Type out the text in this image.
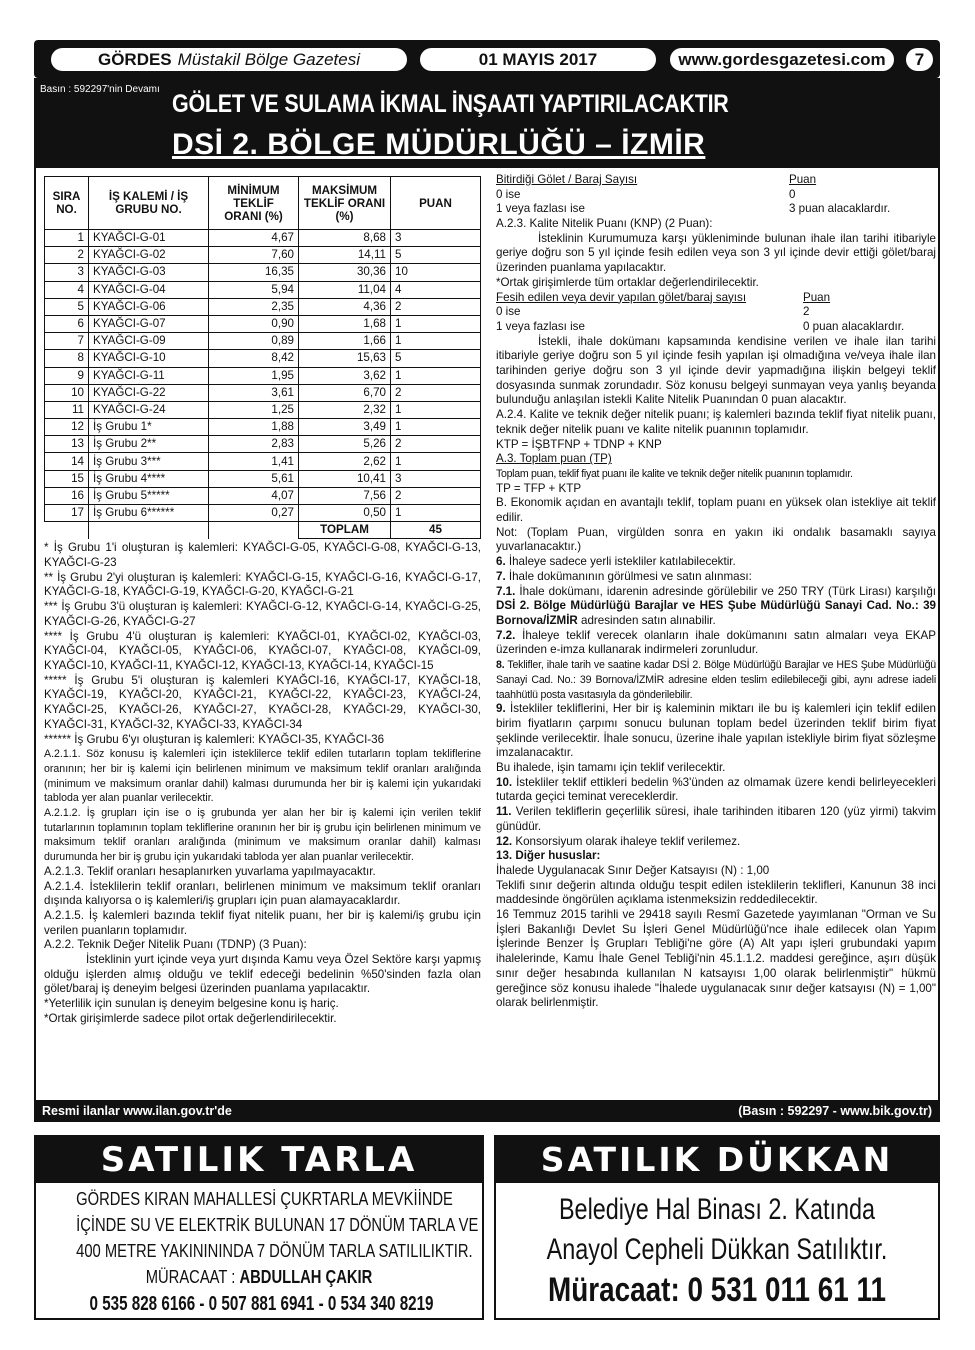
GÖRDES Müstakil Bölge Gazetesi	01 MAYIS 2017	www.gordesgazetesi.com	7
Basın : 592297'nin Devamı
GÖLET VE SULAMA İKMAL İNŞAATI YAPTIRILACAKTIR
DSİ 2. BÖLGE MÜDÜRLÜĞÜ – İZMİR
SIRA NO.	İŞ KALEMİ / İŞ GRUBU NO.	MİNİMUM TEKLİF ORANI (%)	MAKSİMUM TEKLİF ORANI (%)	PUAN
1	KYAĞCI-G-01	4,67	8,68	3
2	KYAĞCI-G-02	7,60	14,11	5
3	KYAĞCI-G-03	16,35	30,36	10
4	KYAĞCI-G-04	5,94	11,04	4
5	KYAĞCI-G-06	2,35	4,36	2
6	KYAĞCI-G-07	0,90	1,68	1
7	KYAĞCI-G-09	0,89	1,66	1
8	KYAĞCI-G-10	8,42	15,63	5
9	KYAĞCI-G-11	1,95	3,62	1
10	KYAĞCI-G-22	3,61	6,70	2
11	KYAĞCI-G-24	1,25	2,32	1
12	İş Grubu 1*	1,88	3,49	1
13	İş Grubu 2**	2,83	5,26	2
14	İş Grubu 3***	1,41	2,62	1
15	İş Grubu 4****	5,61	10,41	3
16	İş Grubu 5*****	4,07	7,56	2
17	İş Grubu 6******	0,27	0,50	1
			TOPLAM	45
* İş Grubu 1'i oluşturan iş kalemleri: KYAĞCI-G-05, KYAĞCI-G-08, KYAĞCI-G-13, KYAĞCI-G-23
** İş Grubu 2'yi oluşturan iş kalemleri: KYAĞCI-G-15, KYAĞCI-G-16, KYAĞCI-G-17, KYAĞCI-G-18, KYAĞCI-G-19, KYAĞCI-G-20, KYAĞCI-G-21
*** İş Grubu 3'ü oluşturan iş kalemleri: KYAĞCI-G-12, KYAĞCI-G-14, KYAĞCI-G-25, KYAĞCI-G-26, KYAĞCI-G-27
**** İş Grubu 4'ü oluşturan iş kalemleri: KYAĞCI-01, KYAĞCI-02, KYAĞCI-03, KYAĞCI-04, KYAĞCI-05, KYAĞCI-06, KYAĞCI-07, KYAĞCI-08, KYAĞCI-09, KYAĞCI-10, KYAĞCI-11, KYAĞCI-12, KYAĞCI-13, KYAĞCI-14, KYAĞCI-15
***** İş Grubu 5'i oluşturan iş kalemleri KYAĞCI-16, KYAĞCI-17, KYAĞCI-18, KYAĞCI-19, KYAĞCI-20, KYAĞCI-21, KYAĞCI-22, KYAĞCI-23, KYAĞCI-24, KYAĞCI-25, KYAĞCI-26, KYAĞCI-27, KYAĞCI-28, KYAĞCI-29, KYAĞCI-30, KYAĞCI-31, KYAĞCI-32, KYAĞCI-33, KYAĞCI-34
****** İş Grubu 6'yı oluşturan iş kalemleri: KYAĞCI-35, KYAĞCI-36
A.2.1.1. Söz konusu iş kalemleri için isteklilerce teklif edilen tutarların toplam tekliflerine oranının; her bir iş kalemi için belirlenen minimum ve maksimum teklif oranları aralığında (minimum ve maksimum oranlar dahil) kalması durumunda her bir iş kalemi için yukarıdaki tabloda yer alan puanlar verilecektir.
A.2.1.2. İş grupları için ise o iş grubunda yer alan her bir iş kalemi için verilen teklif tutarlarının toplamının toplam tekliflerine oranının her bir iş grubu için belirlenen minimum ve maksimum teklif oranları aralığında (minimum ve maksimum oranlar dahil) kalması durumunda her bir iş grubu için yukarıdaki tabloda yer alan puanlar verilecektir.
A.2.1.3. Teklif oranları hesaplanırken yuvarlama yapılmayacaktır.
A.2.1.4. İsteklilerin teklif oranları, belirlenen minimum ve maksimum teklif oranları dışında kalıyorsa o iş kalemleri/iş grupları için puan alamayacaklardır.
A.2.1.5. İş kalemleri bazında teklif fiyat nitelik puanı, her bir iş kalemi/iş grubu için verilen puanların toplamıdır.
A.2.2. Teknik Değer Nitelik Puanı (TDNP) (3 Puan):
İsteklinin yurt içinde veya yurt dışında Kamu veya Özel Sektöre karşı yapmış olduğu işlerden almış olduğu ve teklif edeceği bedelinin %50'sinden fazla olan gölet/baraj iş deneyim belgesi üzerinden puanlama yapılacaktır.
*Yeterlilik için sunulan iş deneyim belgesine konu iş hariç.
*Ortak girişimlerde sadece pilot ortak değerlendirilecektir.
Bitirdiği Gölet / Baraj Sayısı	Puan
0 ise	0
1 veya fazlası ise	3 puan alacaklardır.
A.2.3. Kalite Nitelik Puanı (KNP) (2 Puan):
İsteklinin Kurumumuza karşı yükleniminde bulunan ihale ilan tarihi itibariyle geriye doğru son 5 yıl içinde fesih edilen veya son 3 yıl içinde devir ettiği gölet/baraj üzerinden puanlama yapılacaktır.
*Ortak girişimlerde tüm ortaklar değerlendirilecektir.
Fesih edilen veya devir yapılan gölet/baraj sayısı	Puan
0 ise	2
1 veya fazlası ise	0 puan alacaklardır.
İstekli, ihale dokümanı kapsamında kendisine verilen ve ihale ilan tarihi itibariyle geriye doğru son 5 yıl içinde fesih yapılan işi olmadığına ve/veya ihale ilan tarihinden geriye doğru son 3 yıl içinde devir yapmadığına ilişkin belgeyi teklif dosyasında sunmak zorundadır. Söz konusu belgeyi sunmayan veya yanlış beyanda bulunduğu anlaşılan istekli Kalite Nitelik Puanından 0 puan alacaktır.
A.2.4. Kalite ve teknik değer nitelik puanı; iş kalemleri bazında teklif fiyat nitelik puanı, teknik değer nitelik puanı ve kalite nitelik puanının toplamıdır.
KTP = İŞBTFNP + TDNP + KNP
A.3. Toplam puan (TP)
Toplam puan, teklif fiyat puanı ile kalite ve teknik değer nitelik puanının toplamıdır.
TP = TFP + KTP
B. Ekonomik açıdan en avantajlı teklif, toplam puanı en yüksek olan istekliye ait teklif edilir.
Not: (Toplam Puan, virgülden sonra en yakın iki ondalık basamaklı sayıya yuvarlanacaktır.)
6. İhaleye sadece yerli istekliler katılabilecektir.
7. İhale dokümanının görülmesi ve satın alınması:
7.1. İhale dokümanı, idarenin adresinde görülebilir ve 250 TRY (Türk Lirası) karşılığı DSİ 2. Bölge Müdürlüğü Barajlar ve HES Şube Müdürlüğü Sanayi Cad. No.: 39 Bornova/İZMİR adresinden satın alınabilir.
7.2. İhaleye teklif verecek olanların ihale dokümanını satın almaları veya EKAP üzerinden e-imza kullanarak indirmeleri zorunludur.
8. Teklifler, ihale tarih ve saatine kadar DSİ 2. Bölge Müdürlüğü Barajlar ve HES Şube Müdürlüğü Sanayi Cad. No.: 39 Bornova/İZMİR adresine elden teslim edilebileceği gibi, aynı adrese iadeli taahhütlü posta vasıtasıyla da gönderilebilir.
9. İstekliler tekliflerini, Her bir iş kaleminin miktarı ile bu iş kalemleri için teklif edilen birim fiyatların çarpımı sonucu bulunan toplam bedel üzerinden teklif birim fiyat şeklinde verilecektir. İhale sonucu, üzerine ihale yapılan istekliyle birim fiyat sözleşme imzalanacaktır.
Bu ihalede, işin tamamı için teklif verilecektir.
10. İstekliler teklif ettikleri bedelin %3'ünden az olmamak üzere kendi belirleyecekleri tutarda geçici teminat vereceklerdir.
11. Verilen tekliflerin geçerlilik süresi, ihale tarihinden itibaren 120 (yüz yirmi) takvim günüdür.
12. Konsorsiyum olarak ihaleye teklif verilemez.
13. Diğer hususlar:
İhalede Uygulanacak Sınır Değer Katsayısı (N) : 1,00
Teklifi sınır değerin altında olduğu tespit edilen isteklilerin teklifleri, Kanunun 38 inci maddesinde öngörülen açıklama istenmeksizin reddedilecektir.
16 Temmuz 2015 tarihli ve 29418 sayılı Resmî Gazetede yayımlanan "Orman ve Su İşleri Bakanlığı Devlet Su İşleri Genel Müdürlüğü'nce ihale edilecek olan Yapım İşlerinde Benzer İş Grupları Tebliği'ne göre (A) Alt yapı işleri grubundaki yapım ihalelerinde, Kamu İhale Genel Tebliği'nin 45.1.1.2. maddesi gereğince, aşırı düşük sınır değer hesabında kullanılan N katsayısı 1,00 olarak belirlenmiştir" hükmü gereğince söz konusu ihalede "İhalede uygulanacak sınır değer katsayısı (N) = 1,00" olarak belirlenmiştir.
Resmi ilanlar www.ilan.gov.tr'de	(Basın : 592297 - www.bik.gov.tr)
SATILIK TARLA
GÖRDES KIRAN MAHALLESİ ÇUKRTARLA MEVKİİNDE
İÇİNDE SU VE ELEKTRİK BULUNAN 17 DÖNÜM TARLA VE
400 METRE YAKINININDA 7 DÖNÜM TARLA SATILILIKTIR.
MÜRACAAT : ABDULLAH ÇAKIR
0 535 828 6166 - 0 507 881 6941 - 0 534 340 8219
SATILIK DÜKKAN
Belediye Hal Binası 2. Katında
Anayol Cepheli Dükkan Satılıktır.
Müracaat: 0 531 011 61 11
